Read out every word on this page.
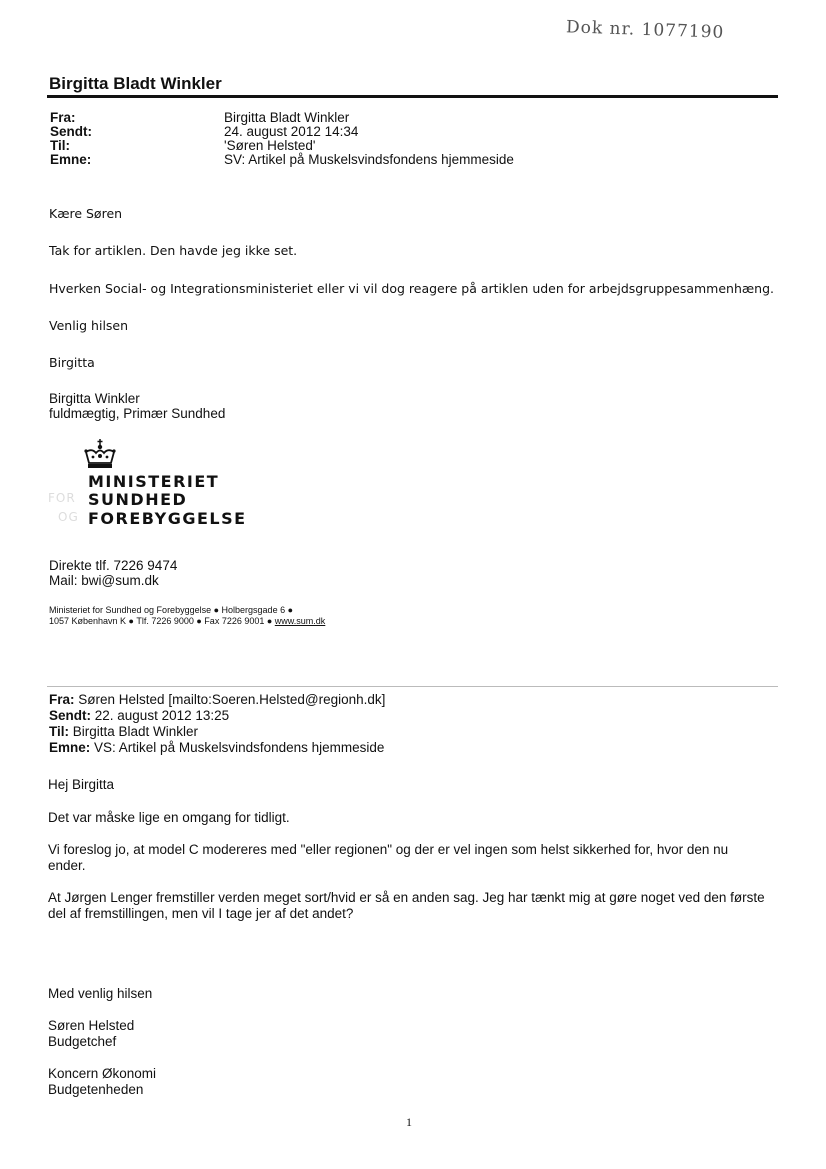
Dok nr. 1077190
Birgitta Bladt Winkler
Fra:	Birgitta Bladt Winkler
Sendt:	24. august 2012 14:34
Til:	'Søren Helsted'
Emne:	SV: Artikel på Muskelsvindsfondens hjemmeside
Kære Søren
Tak for artiklen. Den havde jeg ikke set.
Hverken Social- og Integrationsministeriet eller vi vil dog reagere på artiklen uden for arbejdsgruppesammenhæng.
Venlig hilsen
Birgitta
Birgitta Winkler
fuldmægtig, Primær Sundhed
MINISTERIET
SUNDHED
FOREBYGGELSE
FOR
OG
Direkte tlf. 7226 9474
Mail: bwi@sum.dk
Ministeriet for Sundhed og Forebyggelse ● Holbergsgade 6 ●
1057 København K ● Tlf. 7226 9000 ● Fax 7226 9001 ● www.sum.dk
Fra: Søren Helsted [mailto:Soeren.Helsted@regionh.dk]
Sendt: 22. august 2012 13:25
Til: Birgitta Bladt Winkler
Emne: VS: Artikel på Muskelsvindsfondens hjemmeside
Hej Birgitta
Det var måske lige en omgang for tidligt.
Vi foreslog jo, at model C modereres med "eller regionen" og der er vel ingen som helst sikkerhed for, hvor den nu ender.
At Jørgen Lenger fremstiller verden meget sort/hvid er så en anden sag. Jeg har tænkt mig at gøre noget ved den første del af fremstillingen, men vil I tage jer af det andet?
Med venlig hilsen
Søren Helsted
Budgetchef
Koncern Økonomi
Budgetenheden
1
